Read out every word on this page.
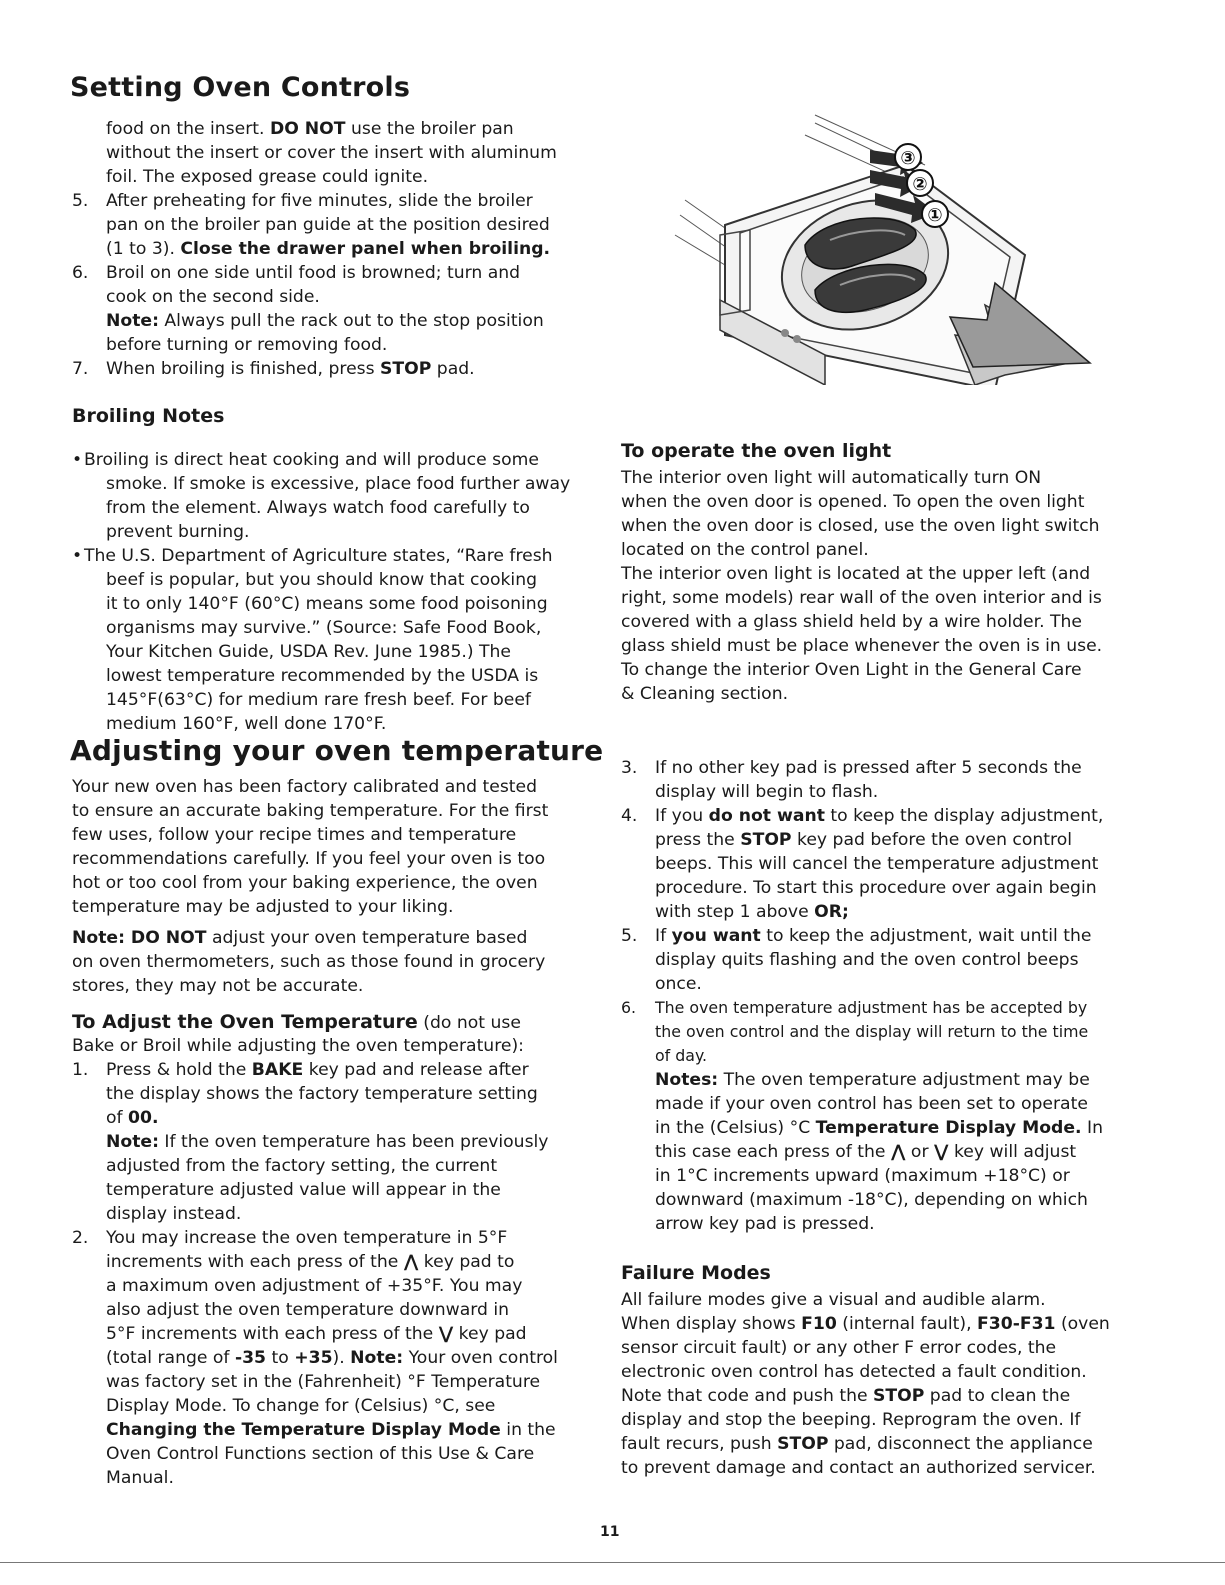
Setting Oven Controls
food on the insert. DO NOT use the broiler pan
without the insert or cover the insert with aluminum
foil. The exposed grease could ignite.
5. After preheating for five minutes, slide the broiler
pan on the broiler pan guide at the position desired
(1 to 3). Close the drawer panel when broiling.
6. Broil on one side until food is browned; turn and
cook on the second side.
Note: Always pull the rack out to the stop position
before turning or removing food.
7. When broiling is finished, press STOP pad.
Broiling Notes
• Broiling is direct heat cooking and will produce some
smoke. If smoke is excessive, place food further away
from the element. Always watch food carefully to
prevent burning.
• The U.S. Department of Agriculture states, “Rare fresh
beef is popular, but you should know that cooking
it to only 140°F (60°C) means some food poisoning
organisms may survive.” (Source: Safe Food Book,
Your Kitchen Guide, USDA Rev. June 1985.) The
lowest temperature recommended by the USDA is
145°F(63°C) for medium rare fresh beef. For beef
medium 160°F, well done 170°F.
Adjusting your oven temperature
Your new oven has been factory calibrated and tested
to ensure an accurate baking temperature. For the first
few uses, follow your recipe times and temperature
recommendations carefully. If you feel your oven is too
hot or too cool from your baking experience, the oven
temperature may be adjusted to your liking.
Note: DO NOT adjust your oven temperature based
on oven thermometers, such as those found in grocery
stores, they may not be accurate.
To Adjust the Oven Temperature (do not use
Bake or Broil while adjusting the oven temperature):
1. Press & hold the BAKE key pad and release after
the display shows the factory temperature setting
of 00.
Note: If the oven temperature has been previously
adjusted from the factory setting, the current
temperature adjusted value will appear in the
display instead.
2. You may increase the oven temperature in 5°F
increments with each press of the ⋀ key pad to
a maximum oven adjustment of +35°F. You may
also adjust the oven temperature downward in
5°F increments with each press of the ⋁ key pad
(total range of -35 to +35). Note: Your oven control
was factory set in the (Fahrenheit) °F Temperature
Display Mode. To change for (Celsius) °C, see
Changing the Temperature Display Mode in the
Oven Control Functions section of this Use & Care
Manual.
③
②
①
To operate the oven light
The interior oven light will automatically turn ON
when the oven door is opened. To open the oven light
when the oven door is closed, use the oven light switch
located on the control panel.
The interior oven light is located at the upper left (and
right, some models) rear wall of the oven interior and is
covered with a glass shield held by a wire holder. The
glass shield must be place whenever the oven is in use.
To change the interior Oven Light in the General Care
& Cleaning section.
3. If no other key pad is pressed after 5 seconds the
display will begin to flash.
4. If you do not want to keep the display adjustment,
press the STOP key pad before the oven control
beeps. This will cancel the temperature adjustment
procedure. To start this procedure over again begin
with step 1 above OR;
5. If you want to keep the adjustment, wait until the
display quits flashing and the oven control beeps
once.
6. The oven temperature adjustment has be accepted by
the oven control and the display will return to the time
of day.
Notes: The oven temperature adjustment may be
made if your oven control has been set to operate
in the (Celsius) °C Temperature Display Mode. In
this case each press of the ⋀ or ⋁ key will adjust
in 1°C increments upward (maximum +18°C) or
downward (maximum -18°C), depending on which
arrow key pad is pressed.
Failure Modes
All failure modes give a visual and audible alarm.
When display shows F10 (internal fault), F30-F31 (oven
sensor circuit fault) or any other F error codes, the
electronic oven control has detected a fault condition.
Note that code and push the STOP pad to clean the
display and stop the beeping. Reprogram the oven. If
fault recurs, push STOP pad, disconnect the appliance
to prevent damage and contact an authorized servicer.
11
